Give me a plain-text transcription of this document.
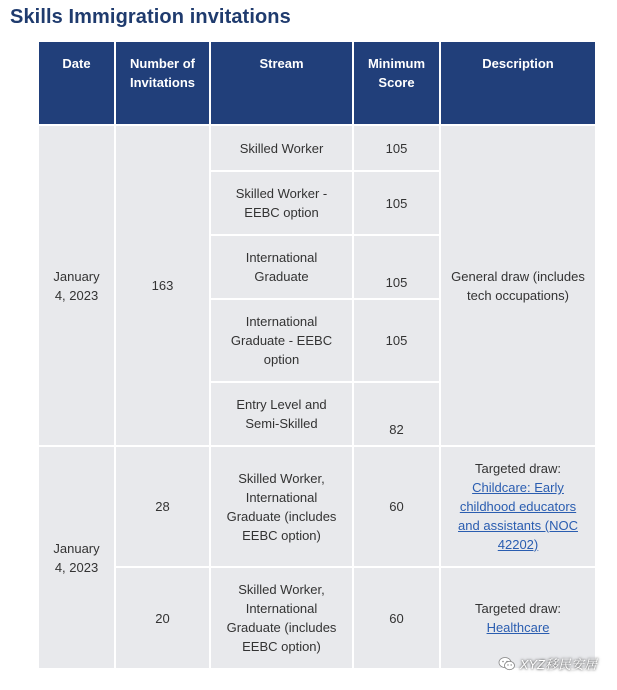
Skills Immigration invitations
Date	Number of Invitations	Stream	Minimum Score	Description
January 4, 2023	163	Skilled Worker	105	General draw (includes tech occupations)
		Skilled Worker - EEBC option	105	
		International Graduate	105	
		International Graduate - EEBC option	105	
		Entry Level and Semi-Skilled	82	
January 4, 2023	28	Skilled Worker, International Graduate (includes EEBC option)	60	Targeted draw:
Childcare: Early childhood educators and assistants (NOC 42202)
	20	Skilled Worker, International Graduate (includes EEBC option)	60	Targeted draw:
Healthcare
XYZ移民安居
